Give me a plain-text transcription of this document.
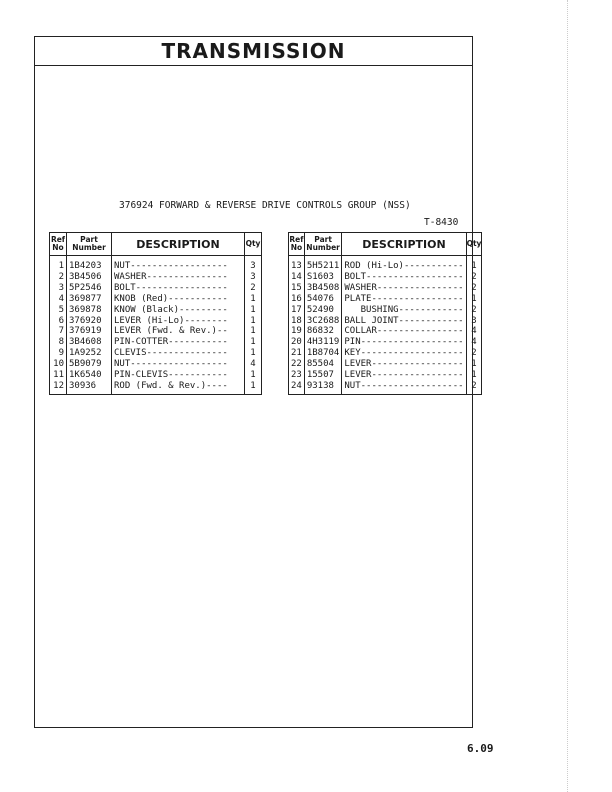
TRANSMISSION
376924 FORWARD & REVERSE DRIVE CONTROLS GROUP (NSS)
T-8430
Ref No	Part Number	DESCRIPTION	Qty
1	1B4203	NUT------------------	3
2	3B4506	WASHER---------------	3
3	5P2546	BOLT-----------------	2
4	369877	KNOB (Red)-----------	1
5	369878	KNOW (Black)---------	1
6	376920	LEVER (Hi-Lo)--------	1
7	376919	LEVER (Fwd. & Rev.)--	1
8	3B4608	PIN-COTTER-----------	1
9	1A9252	CLEVIS---------------	1
10	5B9079	NUT------------------	4
11	1K6540	PIN-CLEVIS-----------	1
12	30936	ROD (Fwd. & Rev.)----	1
Ref No	Part Number	DESCRIPTION	Qty
13	5H5211	ROD (Hi-Lo)-----------	1
14	S1603	BOLT------------------	2
15	3B4508	WASHER----------------	2
16	54076	PLATE-----------------	1
17	52490	BUSHING------------	2
18	3C2688	BALL JOINT------------	3
19	86832	COLLAR----------------	4
20	4H3119	PIN-------------------	4
21	1B8704	KEY-------------------	2
22	85504	LEVER-----------------	1
23	15507	LEVER-----------------	1
24	93138	NUT-------------------	2
6.09
